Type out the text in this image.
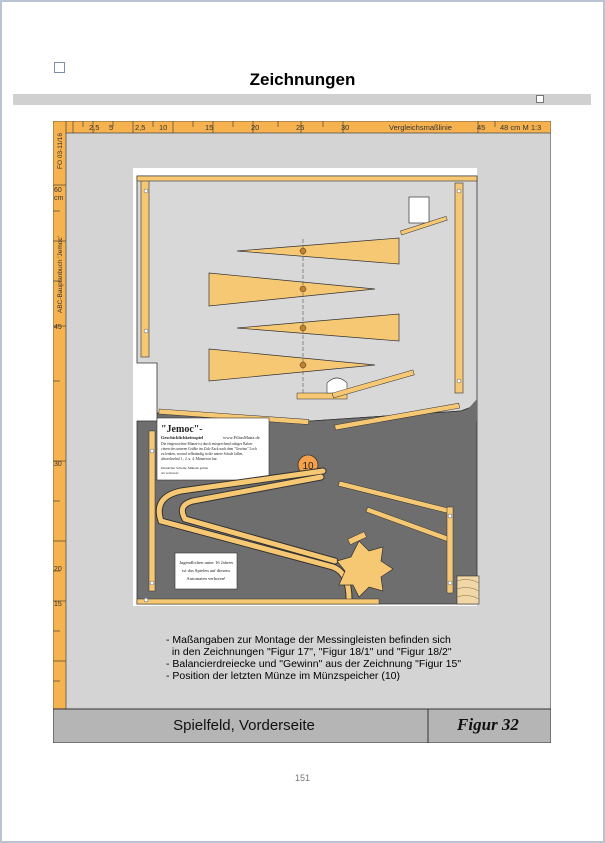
Zeichnungen
2,5 5	2,5 10	15	20	25	30	Vergleichsmaßlinie	45 48 cm M 1:3
FO 03-11/16
ABC-Bauplanbuch 'Jemoc'
60
cm
45
30
20
15
"Jemoc"-
Geschicklichkeitsspiel	www.FiliusMatia.de
Die eingeworfene Münze ist durch entsprechend ruhiges Balan-
cieren des unteren Größte im Zick-Zack nach dem "Gewinn" Loch
zu lenken, worauf selbständig in die untere Schale fallen.
abwechselnd 1., 2. u. 4. Münzen in bar.
Dienlicher Schenk, Münzen gelten
als verboten!
10
Jugendlichen unter 16 Jahren
ist das Spielen auf diesem
Automaten verboten!
- Maßangaben zur Montage der Messingleisten befinden sich
in den Zeichnungen "Figur 17", "Figur 18/1" und "Figur 18/2"
- Balancierdreiecke und "Gewinn" aus der Zeichnung "Figur 15"
- Position der letzten Münze im Münzspeicher (10)
Spielfeld, Vorderseite	Figur 32
151
